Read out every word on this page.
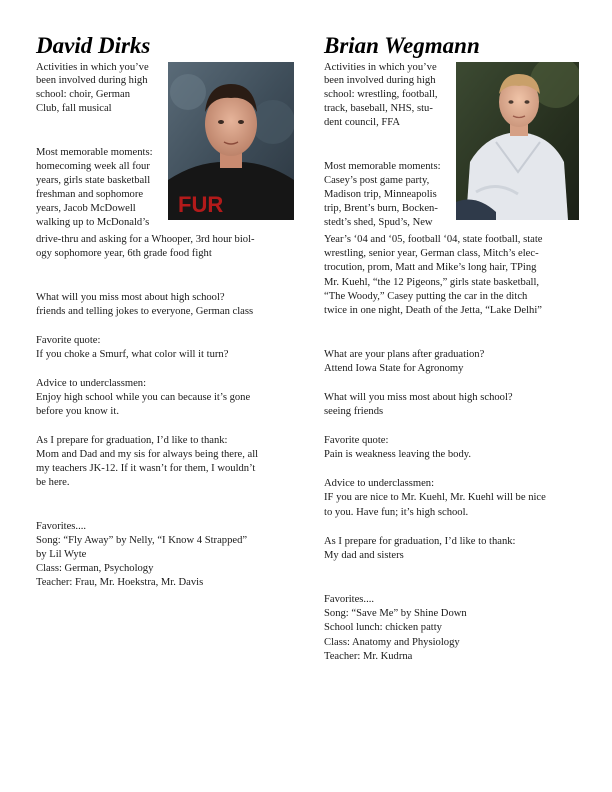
David Dirks
FUR
Activities in which you’ve
been involved during high
school: choir, German
Club, fall musical
Most memorable moments:
homecoming week all four
years, girls state basketball
freshman and sophomore
years, Jacob McDowell
walking up to McDonald’s
drive-thru and asking for a Whooper, 3rd hour biol-
ogy sophomore year, 6th grade food fight
What will you miss most about high school?
friends and telling jokes to everyone, German class
Favorite quote:
If you choke a Smurf, what color will it turn?
Advice to underclassmen:
Enjoy high school while you can because it’s gone
before you know it.
As I prepare for graduation, I’d like to thank:
Mom and Dad and my sis for always being there, all
my teachers JK-12. If it wasn’t for them, I wouldn’t
be here.
Favorites....
Song: “Fly Away” by Nelly, “I Know 4 Strapped”
by Lil Wyte
Class: German, Psychology
Teacher: Frau, Mr. Hoekstra, Mr. Davis
Brian Wegmann
Activities in which you’ve
been involved during high
school: wrestling, football,
track, baseball, NHS, stu-
dent council, FFA
Most memorable moments:
Casey’s post game party,
Madison trip, Minneapolis
trip, Brent’s burn, Bocken-
stedt’s shed, Spud’s, New
Year’s ‘04 and ‘05, football ‘04, state football, state
wrestling, senior year, German class, Mitch’s elec-
trocution, prom, Matt and Mike’s long hair, TPing
Mr. Kuehl, “the 12 Pigeons,” girls state basketball,
“The Woody,” Casey putting the car in the ditch
twice in one night, Death of the Jetta, “Lake Delhi”
What are your plans after graduation?
Attend Iowa State for Agronomy
What will you miss most about high school?
seeing friends
Favorite quote:
Pain is weakness leaving the body.
Advice to underclassmen:
IF you are nice to Mr. Kuehl, Mr. Kuehl will be nice
to you. Have fun; it’s high school.
As I prepare for graduation, I’d like to thank:
My dad and sisters
Favorites....
Song: “Save Me” by Shine Down
School lunch: chicken patty
Class: Anatomy and Physiology
Teacher: Mr. Kudrna
